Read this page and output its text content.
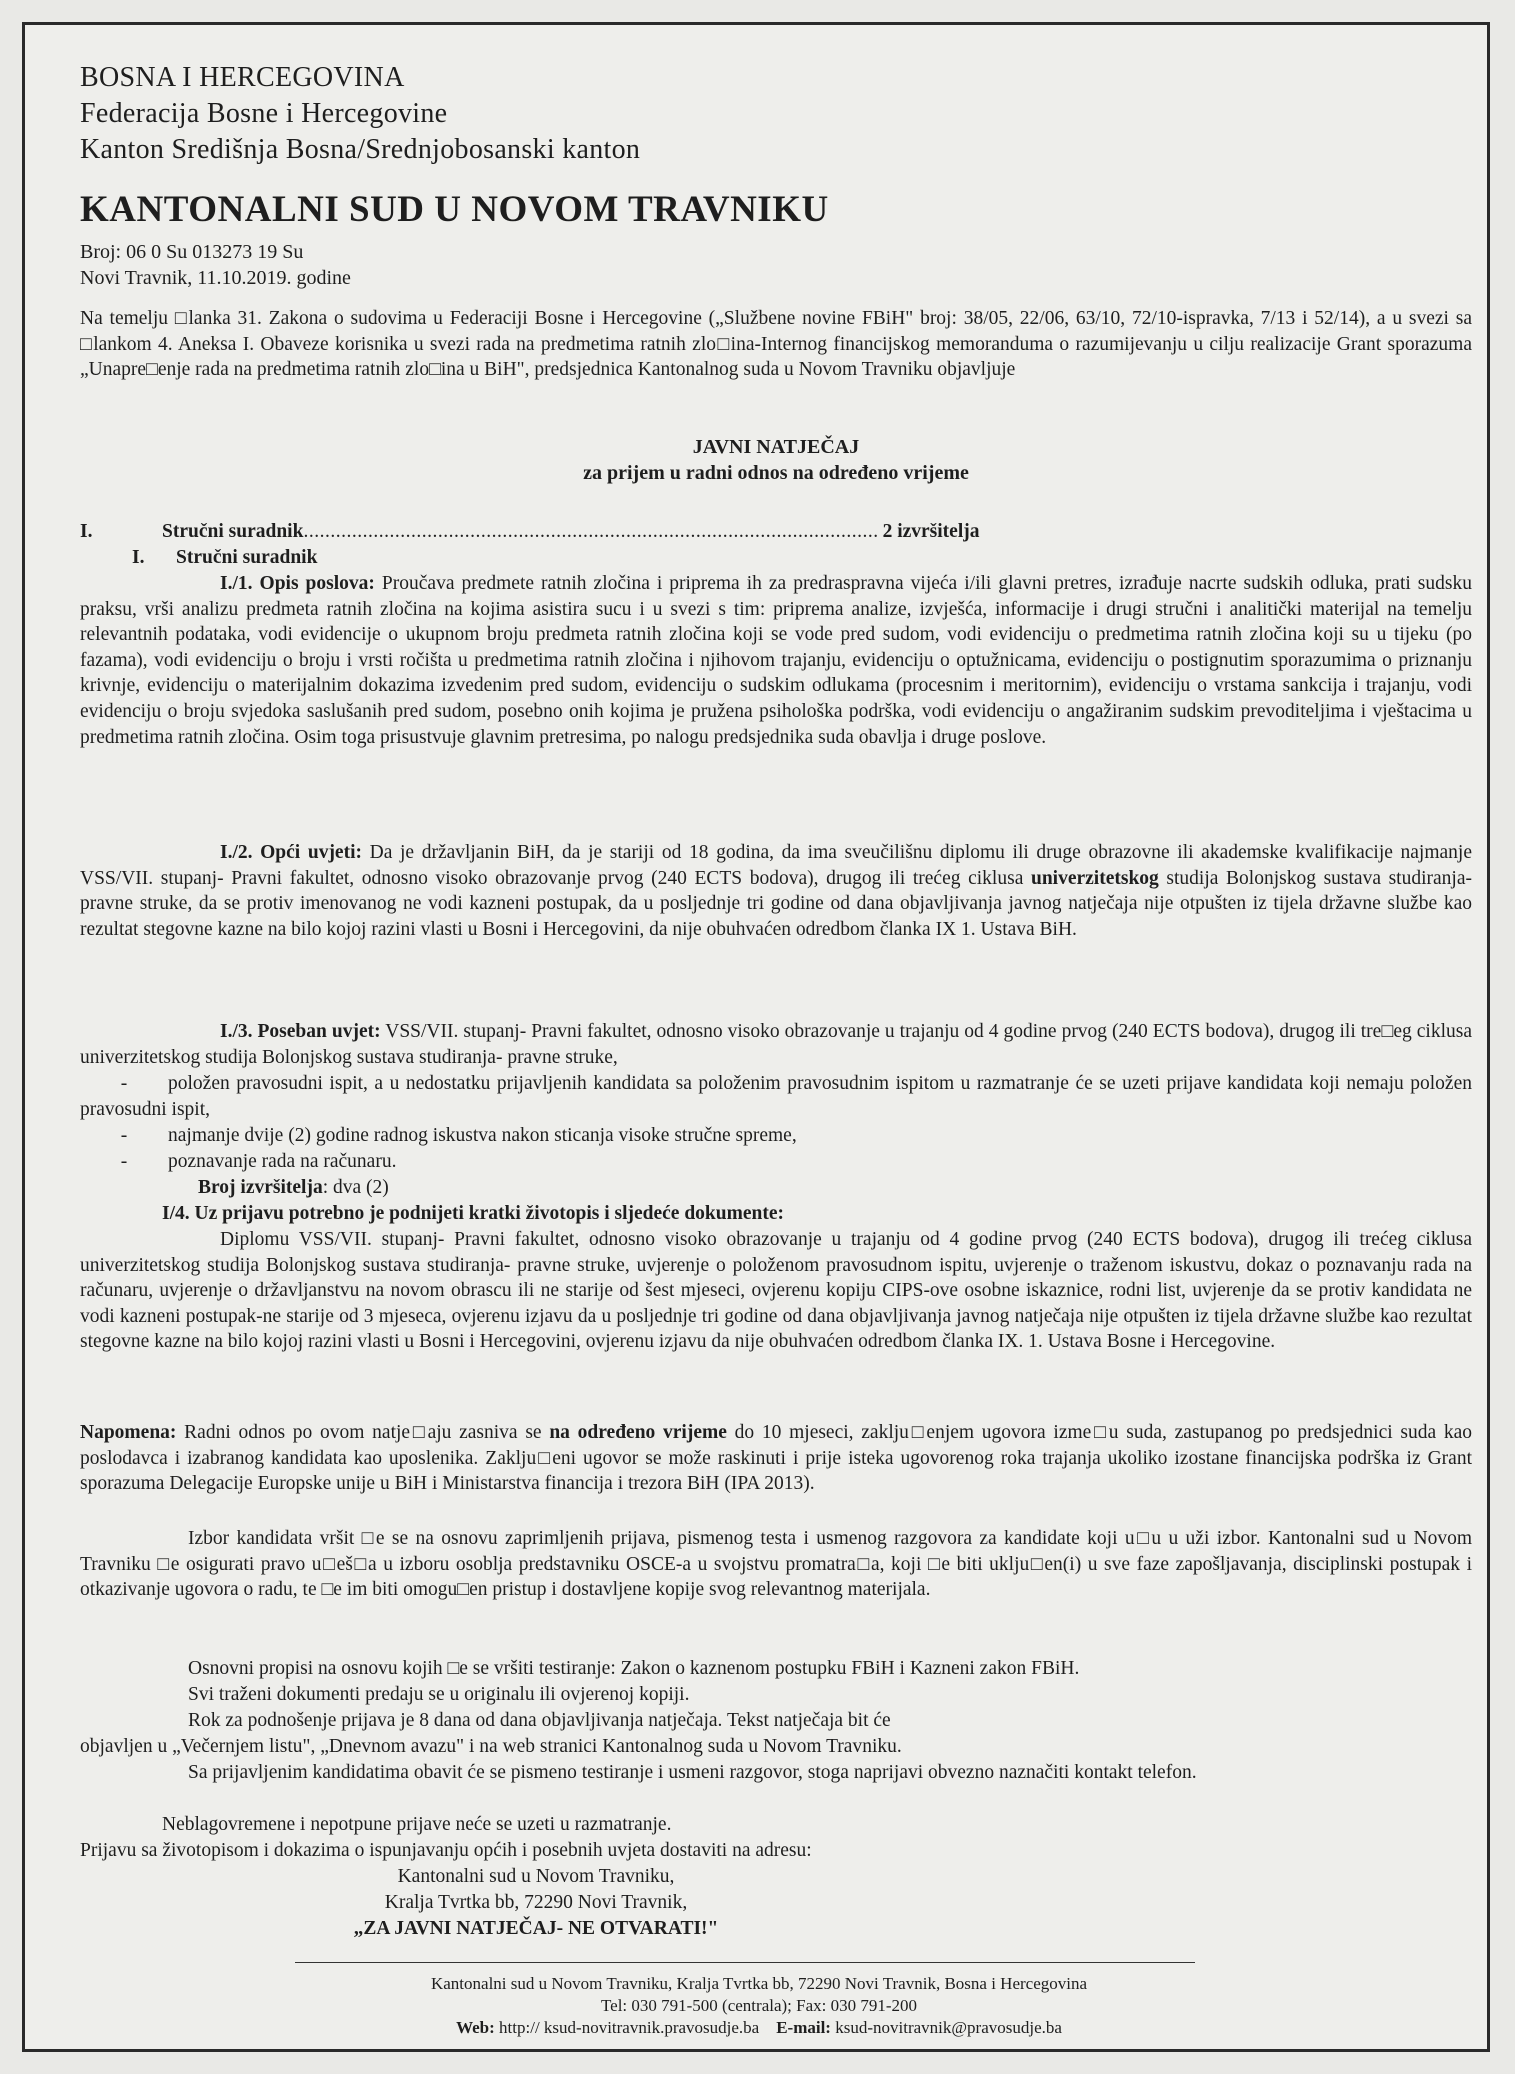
BOSNA I HERCEGOVINA
Federacija Bosne i Hercegovine
Kanton Središnja Bosna/Srednjobosanski kanton
KANTONALNI SUD U NOVOM TRAVNIKU
Broj: 06 0 Su 013273 19 Su
Novi Travnik, 11.10.2019. godine
Na temelju □lanka 31. Zakona o sudovima u Federaciji Bosne i Hercegovine („Službene novine FBiH" broj: 38/05, 22/06, 63/10, 72/10-ispravka, 7/13 i 52/14), a u svezi sa □lankom 4. Aneksa I. Obaveze korisnika u svezi rada na predmetima ratnih zlo□ina-Internog financijskog memoranduma o razumijevanju u cilju realizacije Grant sporazuma „Unapre□enje rada na predmetima ratnih zlo□ina u BiH", predsjednica Kantonalnog suda u Novom Travniku objavljuje
JAVNI NATJEČAJ
za prijem u radni odnos na određeno vrijeme
I.	Stručni suradnik........................................................................................................... 2 izvršitelja
I. Stručni suradnik
I./1. Opis poslova: Proučava predmete ratnih zločina i priprema ih za predraspravna vijeća i/ili glavni pretres, izrađuje nacrte sudskih odluka, prati sudsku praksu, vrši analizu predmeta ratnih zločina na kojima asistira sucu i u svezi s tim: priprema analize, izvješća, informacije i drugi stručni i analitički materijal na temelju relevantnih podataka, vodi evidencije o ukupnom broju predmeta ratnih zločina koji se vode pred sudom, vodi evidenciju o predmetima ratnih zločina koji su u tijeku (po fazama), vodi evidenciju o broju i vrsti ročišta u predmetima ratnih zločina i njihovom trajanju, evidenciju o optužnicama, evidenciju o postignutim sporazumima o priznanju krivnje, evidenciju o materijalnim dokazima izvedenim pred sudom, evidenciju o sudskim odlukama (procesnim i meritornim), evidenciju o vrstama sankcija i trajanju, vodi evidenciju o broju svjedoka saslušanih pred sudom, posebno onih kojima je pružena psihološka podrška, vodi evidenciju o angažiranim sudskim prevoditeljima i vještacima u predmetima ratnih zločina. Osim toga prisustvuje glavnim pretresima, po nalogu predsjednika suda obavlja i druge poslove.
I./2. Opći uvjeti: Da je državljanin BiH, da je stariji od 18 godina, da ima sveučilišnu diplomu ili druge obrazovne ili akademske kvalifikacije najmanje VSS/VII. stupanj- Pravni fakultet, odnosno visoko obrazovanje prvog (240 ECTS bodova), drugog ili trećeg ciklusa univerzitetskog studija Bolonjskog sustava studiranja- pravne struke, da se protiv imenovanog ne vodi kazneni postupak, da u posljednje tri godine od dana objavljivanja javnog natječaja nije otpušten iz tijela državne službe kao rezultat stegovne kazne na bilo kojoj razini vlasti u Bosni i Hercegovini, da nije obuhvaćen odredbom članka IX 1. Ustava BiH.
I./3. Poseban uvjet: VSS/VII. stupanj- Pravni fakultet, odnosno visoko obrazovanje u trajanju od 4 godine prvog (240 ECTS bodova), drugog ili tre□eg ciklusa univerzitetskog studija Bolonjskog sustava studiranja- pravne struke,
- položen pravosudni ispit, a u nedostatku prijavljenih kandidata sa položenim pravosudnim ispitom u razmatranje će se uzeti prijave kandidata koji nemaju položen pravosudni ispit,
- najmanje dvije (2) godine radnog iskustva nakon sticanja visoke stručne spreme,
- poznavanje rada na računaru.
Broj izvršitelja: dva (2)
I/4. Uz prijavu potrebno je podnijeti kratki životopis i sljedeće dokumente:
Diplomu VSS/VII. stupanj- Pravni fakultet, odnosno visoko obrazovanje u trajanju od 4 godine prvog (240 ECTS bodova), drugog ili trećeg ciklusa univerzitetskog studija Bolonjskog sustava studiranja- pravne struke, uvjerenje o položenom pravosudnom ispitu, uvjerenje o traženom iskustvu, dokaz o poznavanju rada na računaru, uvjerenje o državljanstvu na novom obrascu ili ne starije od šest mjeseci, ovjerenu kopiju CIPS-ove osobne iskaznice, rodni list, uvjerenje da se protiv kandidata ne vodi kazneni postupak-ne starije od 3 mjeseca, ovjerenu izjavu da u posljednje tri godine od dana objavljivanja javnog natječaja nije otpušten iz tijela državne službe kao rezultat stegovne kazne na bilo kojoj razini vlasti u Bosni i Hercegovini, ovjerenu izjavu da nije obuhvaćen odredbom članka IX. 1. Ustava Bosne i Hercegovine.
Napomena: Radni odnos po ovom natje□aju zasniva se na određeno vrijeme do 10 mjeseci, zaklju□enjem ugovora izme□u suda, zastupanog po predsjednici suda kao poslodavca i izabranog kandidata kao uposlenika. Zaklju□eni ugovor se može raskinuti i prije isteka ugovorenog roka trajanja ukoliko izostane financijska podrška iz Grant sporazuma Delegacije Europske unije u BiH i Ministarstva financija i trezora BiH (IPA 2013).
Izbor kandidata vršit □e se na osnovu zaprimljenih prijava, pismenog testa i usmenog razgovora za kandidate koji u□u u uži izbor. Kantonalni sud u Novom Travniku □e osigurati pravo u□eš□a u izboru osoblja predstavniku OSCE-a u svojstvu promatra□a, koji □e biti uklju□en(i) u sve faze zapošljavanja, disciplinski postupak i otkazivanje ugovora o radu, te □e im biti omogu□en pristup i dostavljene kopije svog relevantnog materijala.
Osnovni propisi na osnovu kojih □e se vršiti testiranje: Zakon o kaznenom postupku FBiH i Kazneni zakon FBiH.
Svi traženi dokumenti predaju se u originalu ili ovjerenoj kopiji.
Rok za podnošenje prijava je 8 dana od dana objavljivanja natječaja. Tekst natječaja bit će
objavljen u „Večernjem listu", „Dnevnom avazu" i na web stranici Kantonalnog suda u Novom Travniku.
Sa prijavljenim kandidatima obavit će se pismeno testiranje i usmeni razgovor, stoga naprijavi obvezno naznačiti kontakt telefon.
Neblagovremene i nepotpune prijave neće se uzeti u razmatranje.
Prijavu sa životopisom i dokazima o ispunjavanju općih i posebnih uvjeta dostaviti na adresu:
Kantonalni sud u Novom Travniku,
Kralja Tvrtka bb, 72290 Novi Travnik,
„ZA JAVNI NATJEČAJ- NE OTVARATI!"
Kantonalni sud u Novom Travniku, Kralja Tvrtka bb, 72290 Novi Travnik, Bosna i Hercegovina
Tel: 030 791-500 (centrala); Fax: 030 791-200
Web: http:// ksud-novitravnik.pravosudje.ba E-mail: ksud-novitravnik@pravosudje.ba
